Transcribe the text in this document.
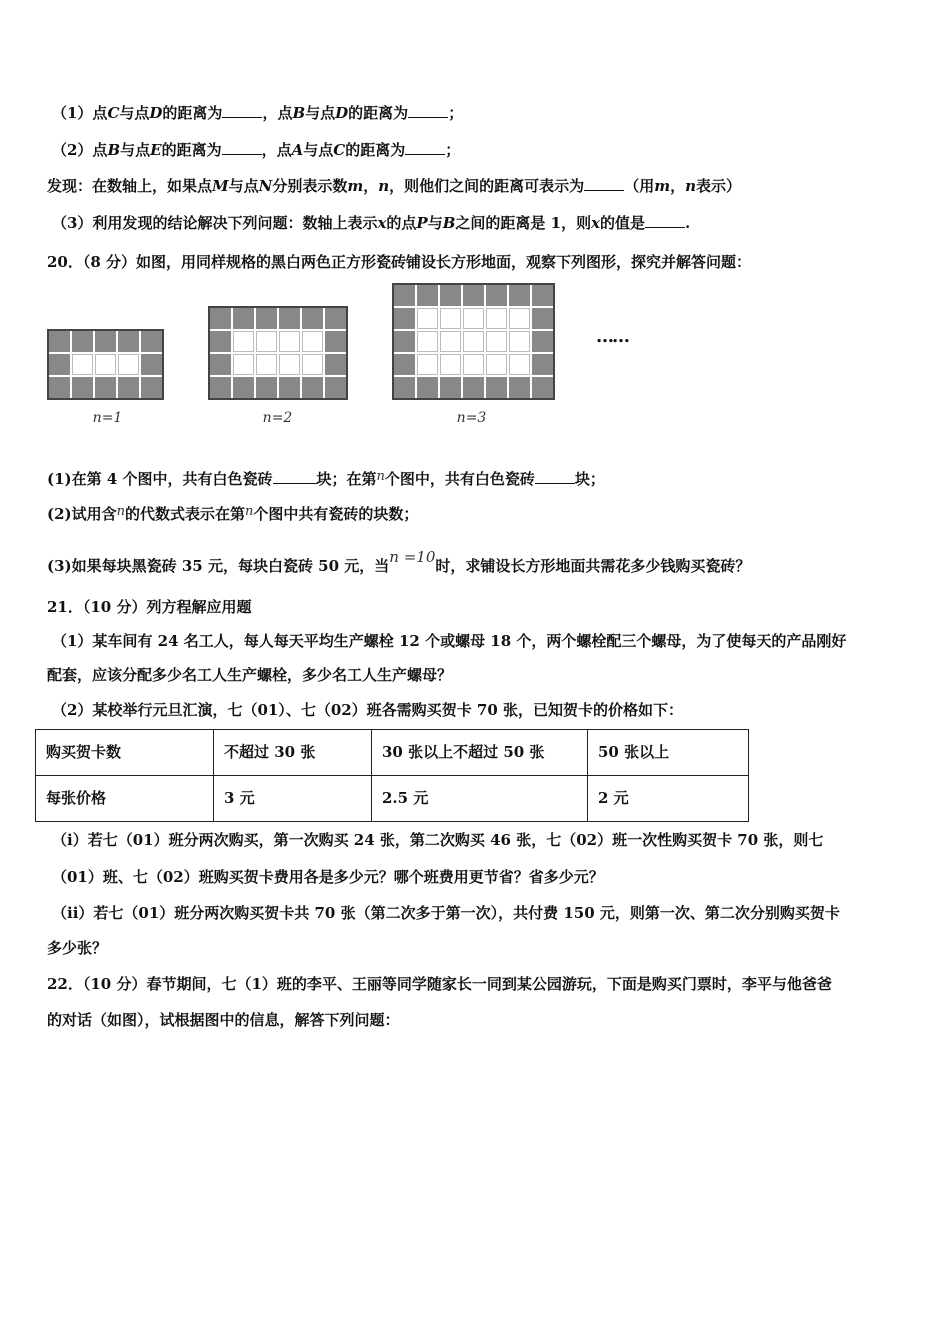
（1）点C与点D的距离为	，点B与点D的距离为	；
（2）点B与点E的距离为	，点A与点C的距离为	；
发现：在数轴上，如果点M与点N分别表示数m，n，则他们之间的距离可表示为	（用m，n表示）
（3）利用发现的结论解决下列问题：数轴上表示x的点P与B之间的距离是 1，则x的值是	.
20．（8 分）如图，用同样规格的黑白两色正方形瓷砖铺设长方形地面，观察下列图形，探究并解答问题：
n=1	n=2	n=3
……
(1)在第 4 个图中，共有白色瓷砖	块；在第n个图中，共有白色瓷砖	块；
(2)试用含n的代数式表示在第n个图中共有瓷砖的块数；
(3)如果每块黑瓷砖 35 元，每块白瓷砖 50 元，当n =10时，求铺设长方形地面共需花多少钱购买瓷砖？
21．（10 分）列方程解应用题
（1）某车间有 24 名工人，每人每天平均生产螺栓 12 个或螺母 18 个，两个螺栓配三个螺母，为了使每天的产品刚好
配套，应该分配多少名工人生产螺栓，多少名工人生产螺母？
（2）某校举行元旦汇演，七（01）、七（02）班各需购买贺卡 70 张，已知贺卡的价格如下：
购买贺卡数	不超过 30 张	30 张以上不超过 50 张	50 张以上
每张价格	3 元	2.5 元	2 元
（i）若七（01）班分两次购买，第一次购买 24 张，第二次购买 46 张，七（02）班一次性购买贺卡 70 张，则七
（01）班、七（02）班购买贺卡费用各是多少元？哪个班费用更节省？省多少元？
（ii）若七（01）班分两次购买贺卡共 70 张（第二次多于第一次），共付费 150 元，则第一次、第二次分别购买贺卡
多少张？
22．（10 分）春节期间，七（1）班的李平、王丽等同学随家长一同到某公园游玩，下面是购买门票时，李平与他爸爸
的对话（如图），试根据图中的信息，解答下列问题：
